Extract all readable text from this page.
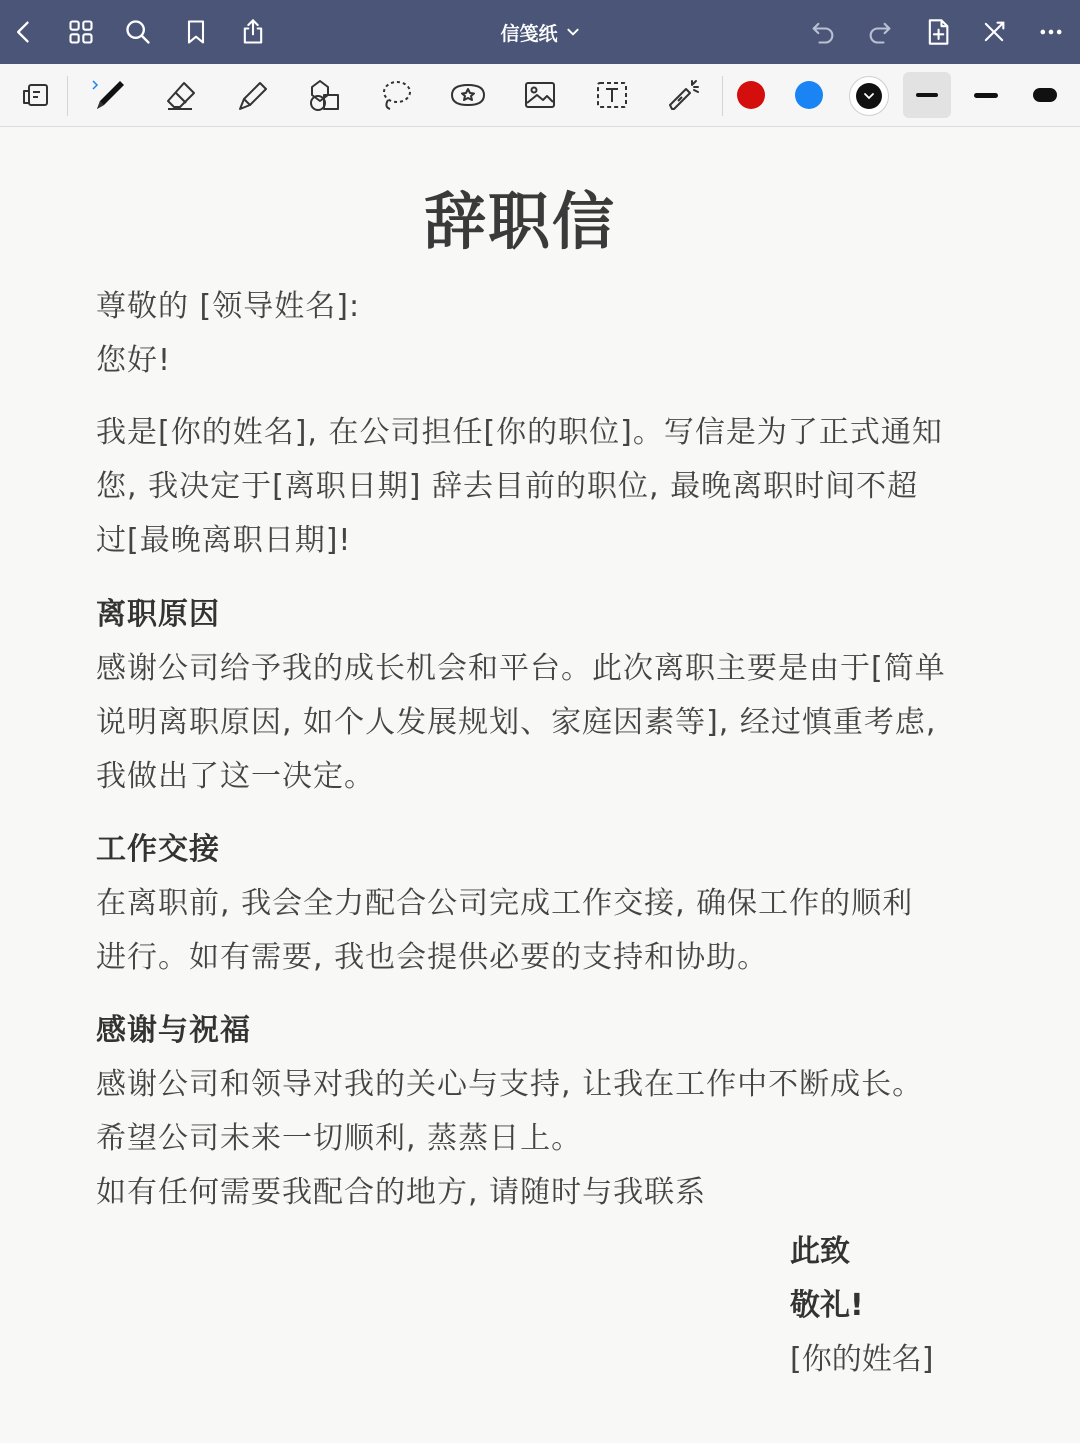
信笺纸
辞职信
尊敬的 [领导姓名]:
您好!
我是[你的姓名], 在公司担任[你的职位]。写信是为了正式通知
您, 我决定于[离职日期] 辞去目前的职位, 最晚离职时间不超
过[最晚离职日期]!
离职原因
感谢公司给予我的成长机会和平台。此次离职主要是由于[简单
说明离职原因, 如个人发展规划、家庭因素等], 经过慎重考虑,
我做出了这一决定。
工作交接
在离职前, 我会全力配合公司完成工作交接, 确保工作的顺利
进行。如有需要, 我也会提供必要的支持和协助。
感谢与祝福
感谢公司和领导对我的关心与支持, 让我在工作中不断成长。
希望公司未来一切顺利, 蒸蒸日上。
如有任何需要我配合的地方, 请随时与我联系
此致
敬礼!
[你的姓名]
